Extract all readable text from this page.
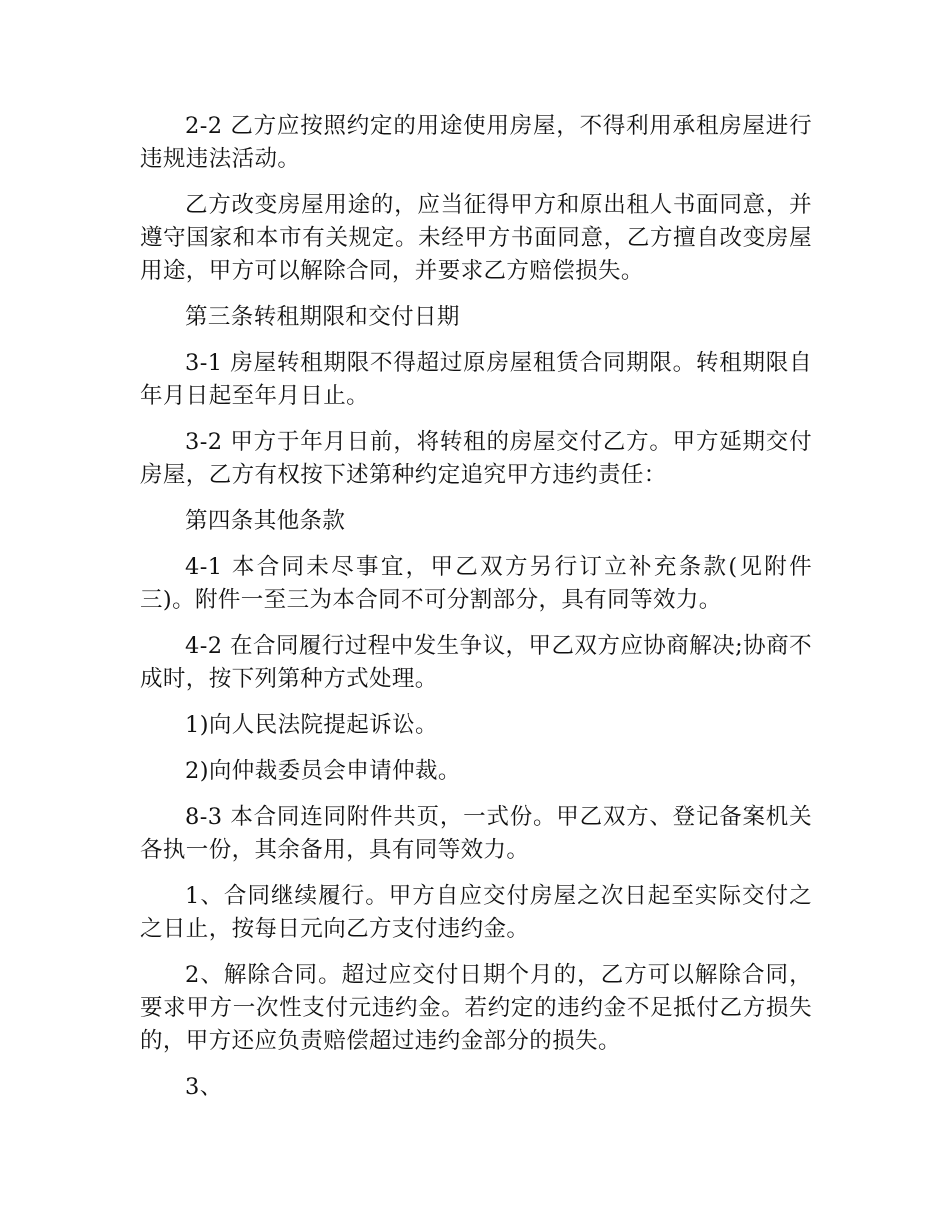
2-2 乙方应按照约定的用途使用房屋，不得利用承租房屋进行违规违法活动。

乙方改变房屋用途的，应当征得甲方和原出租人书面同意，并遵守国家和本市有关规定。未经甲方书面同意，乙方擅自改变房屋用途，甲方可以解除合同，并要求乙方赔偿损失。

第三条转租期限和交付日期

3-1 房屋转租期限不得超过原房屋租赁合同期限。转租期限自年月日起至年月日止。

3-2 甲方于年月日前，将转租的房屋交付乙方。甲方延期交付房屋，乙方有权按下述第种约定追究甲方违约责任：

第四条其他条款

4-1 本合同未尽事宜，甲乙双方另行订立补充条款(见附件三)。附件一至三为本合同不可分割部分，具有同等效力。

4-2 在合同履行过程中发生争议，甲乙双方应协商解决;协商不成时，按下列第种方式处理。

1)向人民法院提起诉讼。

2)向仲裁委员会申请仲裁。

8-3 本合同连同附件共页，一式份。甲乙双方、登记备案机关各执一份，其余备用，具有同等效力。

1、合同继续履行。甲方自应交付房屋之次日起至实际交付之之日止，按每日元向乙方支付违约金。

2、解除合同。超过应交付日期个月的，乙方可以解除合同，要求甲方一次性支付元违约金。若约定的违约金不足抵付乙方损失的，甲方还应负责赔偿超过违约金部分的损失。

3、
